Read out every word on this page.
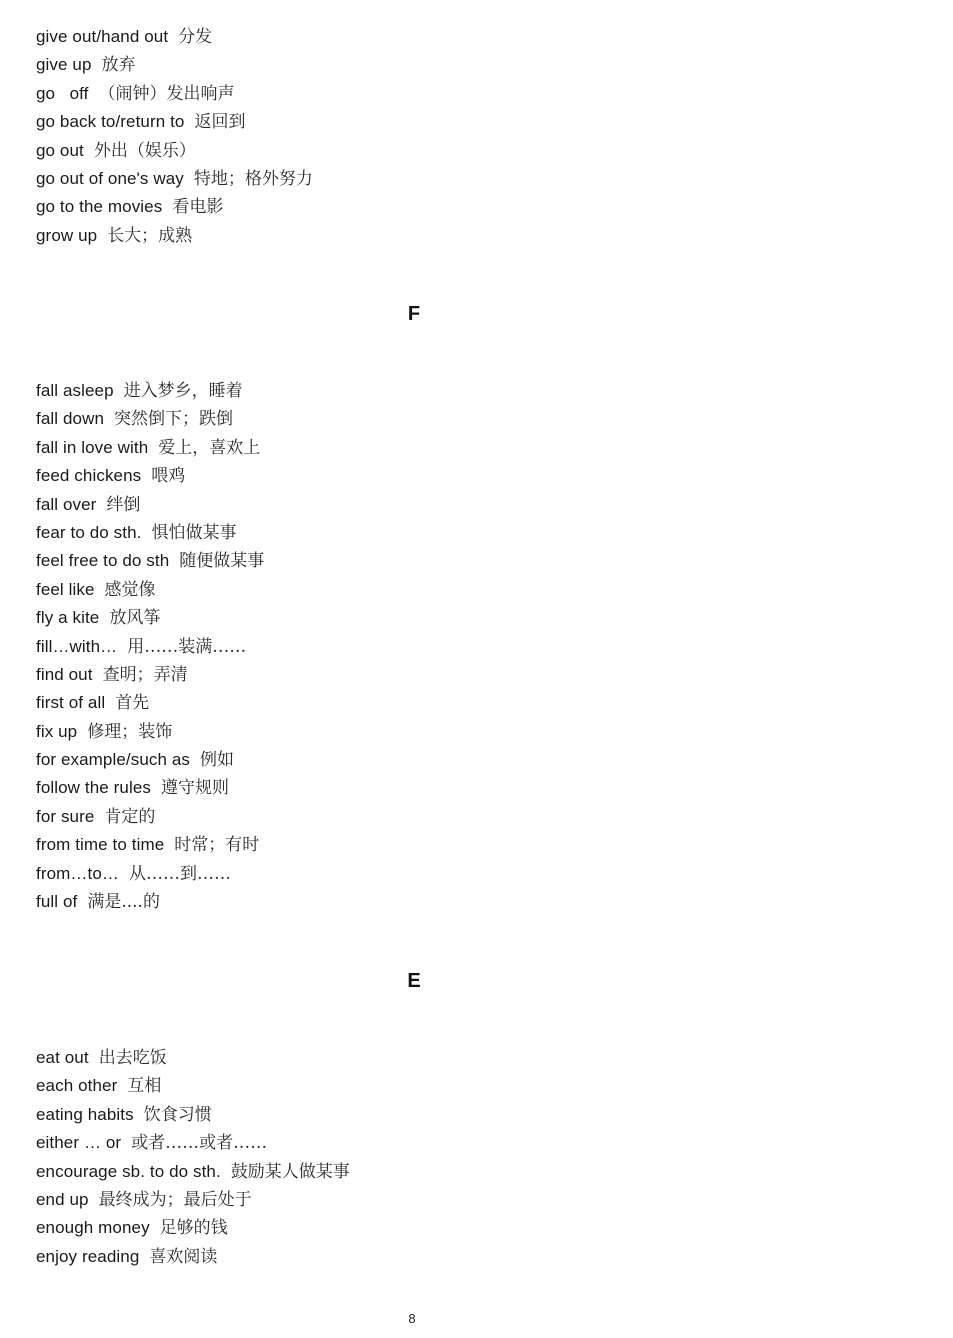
give out/hand out 分发
give up 放弃
go   off （闹钟）发出响声
go back to/return to 返回到
go out 外出（娱乐）
go out of one's way 特地；格外努力
go to the movies 看电影
grow up 长大；成熟
F
fall asleep 进入梦乡，睡着
fall down 突然倒下；跌倒
fall in love with 爱上，喜欢上
feed chickens 喂鸡
fall over 绊倒
fear to do sth. 惧怕做某事
feel free to do sth 随便做某事
feel like 感觉像
fly a kite 放风筝
fill…with… 用……装满……
find out 查明；弄清
first of all 首先
fix up 修理；装饰
for example/such as 例如
follow the rules 遵守规则
for sure 肯定的
from time to time 时常；有时
from…to… 从……到……
full of 满是....的
E
eat out 出去吃饭
each other 互相
eating habits 饮食习惯
either … or 或者……或者……
encourage sb. to do sth. 鼓励某人做某事
end up 最终成为；最后处于
enough money 足够的钱
enjoy reading 喜欢阅读
8
